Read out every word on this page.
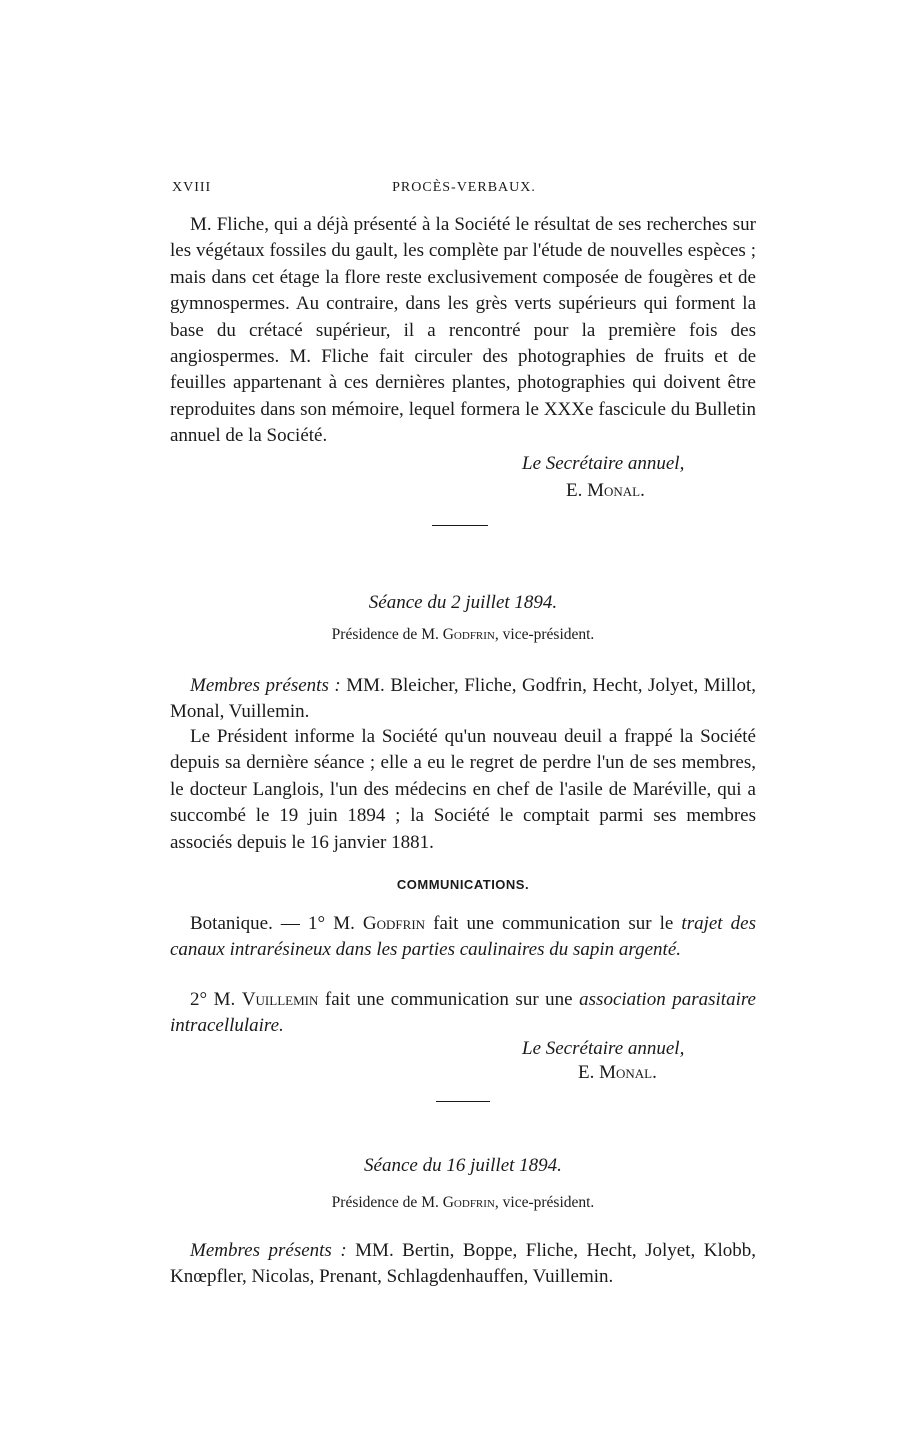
XVIII	PROCÈS-VERBAUX.

M. Fliche, qui a déjà présenté à la Société le résultat de ses recherches sur les végétaux fossiles du gault, les complète par l'étude de nouvelles espèces ; mais dans cet étage la flore reste exclusivement composée de fougères et de gymnospermes. Au contraire, dans les grès verts supérieurs qui forment la base du crétacé supérieur, il a rencontré pour la première fois des angiospermes. M. Fliche fait circuler des photographies de fruits et de feuilles appartenant à ces dernières plantes, photographies qui doivent être reproduites dans son mémoire, lequel formera le XXXe fascicule du Bulletin annuel de la Société.

Le Secrétaire annuel,
E. Monal.
Séance du 2 juillet 1894.
Présidence de M. Godfrin, vice-président.

Membres présents : MM. Bleicher, Fliche, Godfrin, Hecht, Jolyet, Millot, Monal, Vuillemin.

Le Président informe la Société qu'un nouveau deuil a frappé la Société depuis sa dernière séance ; elle a eu le regret de perdre l'un de ses membres, le docteur Langlois, l'un des médecins en chef de l'asile de Maréville, qui a succombé le 19 juin 1894 ; la Société le comptait parmi ses membres associés depuis le 16 janvier 1881.

COMMUNICATIONS.

Botanique. — 1° M. Godfrin fait une communication sur le trajet des canaux intrarésineux dans les parties caulinaires du sapin argenté.

2° M. Vuillemin fait une communication sur une association parasitaire intracellulaire.

Le Secrétaire annuel,
E. Monal.
Séance du 16 juillet 1894.
Présidence de M. Godfrin, vice-président.

Membres présents : MM. Bertin, Boppe, Fliche, Hecht, Jolyet, Klobb, Knœpfler, Nicolas, Prenant, Schlagdenhauffen, Vuillemin.
